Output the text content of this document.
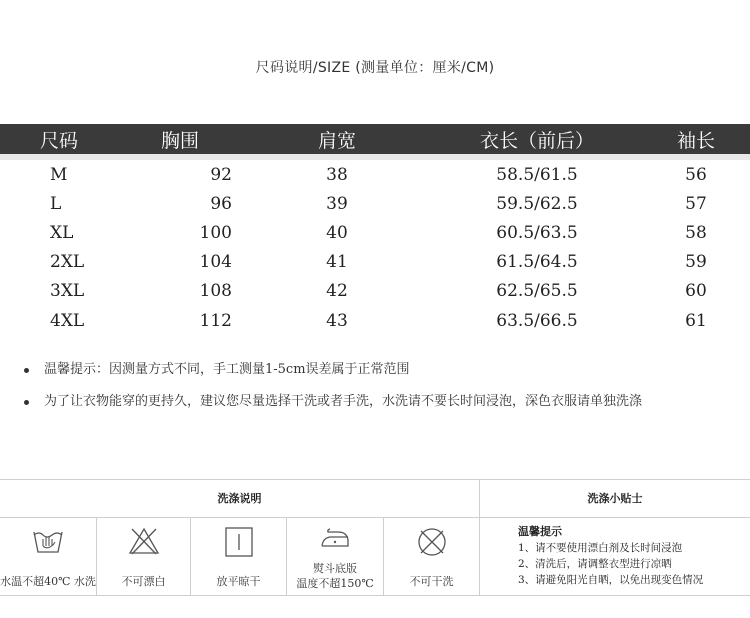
尺码说明/SIZE (测量单位：厘米/CM)
尺码	胸围	肩宽	衣长（前后）	袖长
M	92	38	58.5/61.5	56
L	96	39	59.5/62.5	57
XL	100	40	60.5/63.5	58
2XL	104	41	61.5/64.5	59
3XL	108	42	62.5/65.5	60
4XL	112	43	63.5/66.5	61
温馨提示：因测量方式不同，手工测量1-5cm误差属于正常范围
为了让衣物能穿的更持久，建议您尽量选择干洗或者手洗，水洗请不要长时间浸泡，深色衣服请单独洗涤
洗涤说明	洗涤小贴士
水温不超40℃ 水洗	不可漂白	放平晾干
熨斗底版
温度不超150℃	不可干洗
温馨提示
1、请不要使用漂白剂及长时间浸泡
2、清洗后，请调整衣型进行凉晒
3、请避免阳光自晒，以免出现变色情况
